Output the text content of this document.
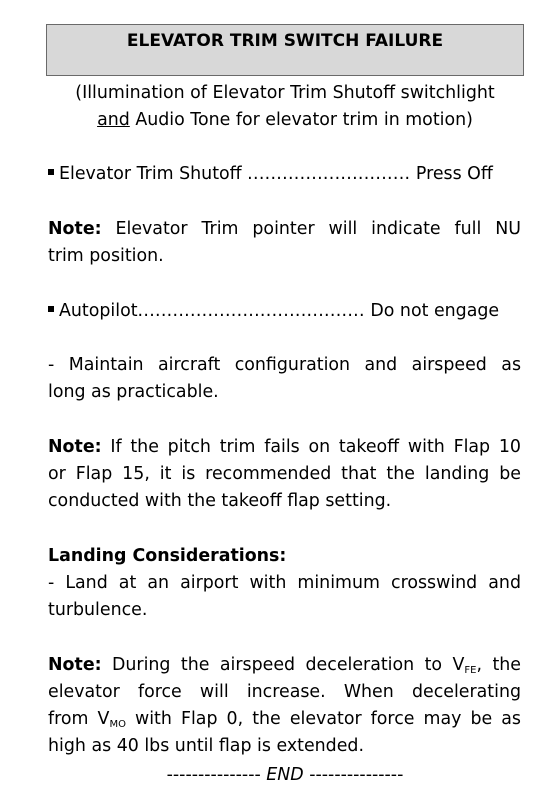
ELEVATOR TRIM SWITCH FAILURE
(Illumination of Elevator Trim Shutoff switchlight
and Audio Tone for elevator trim in motion)
Elevator Trim Shutoff ............................ Press Off
Note: Elevator Trim pointer will indicate full NU
trim position.
Autopilot....................................... Do not engage
- Maintain aircraft configuration and airspeed as
long as practicable.
Note: If the pitch trim fails on takeoff with Flap 10
or Flap 15, it is recommended that the landing be
conducted with the takeoff flap setting.
Landing Considerations:
- Land at an airport with minimum crosswind and
turbulence.
Note: During the airspeed deceleration to $V_{FE}$, the
elevator force will increase. When decelerating
from $V_{MO}$ with Flap 0, the elevator force may be as
high as 40 lbs until flap is extended.
--------------- END ---------------
